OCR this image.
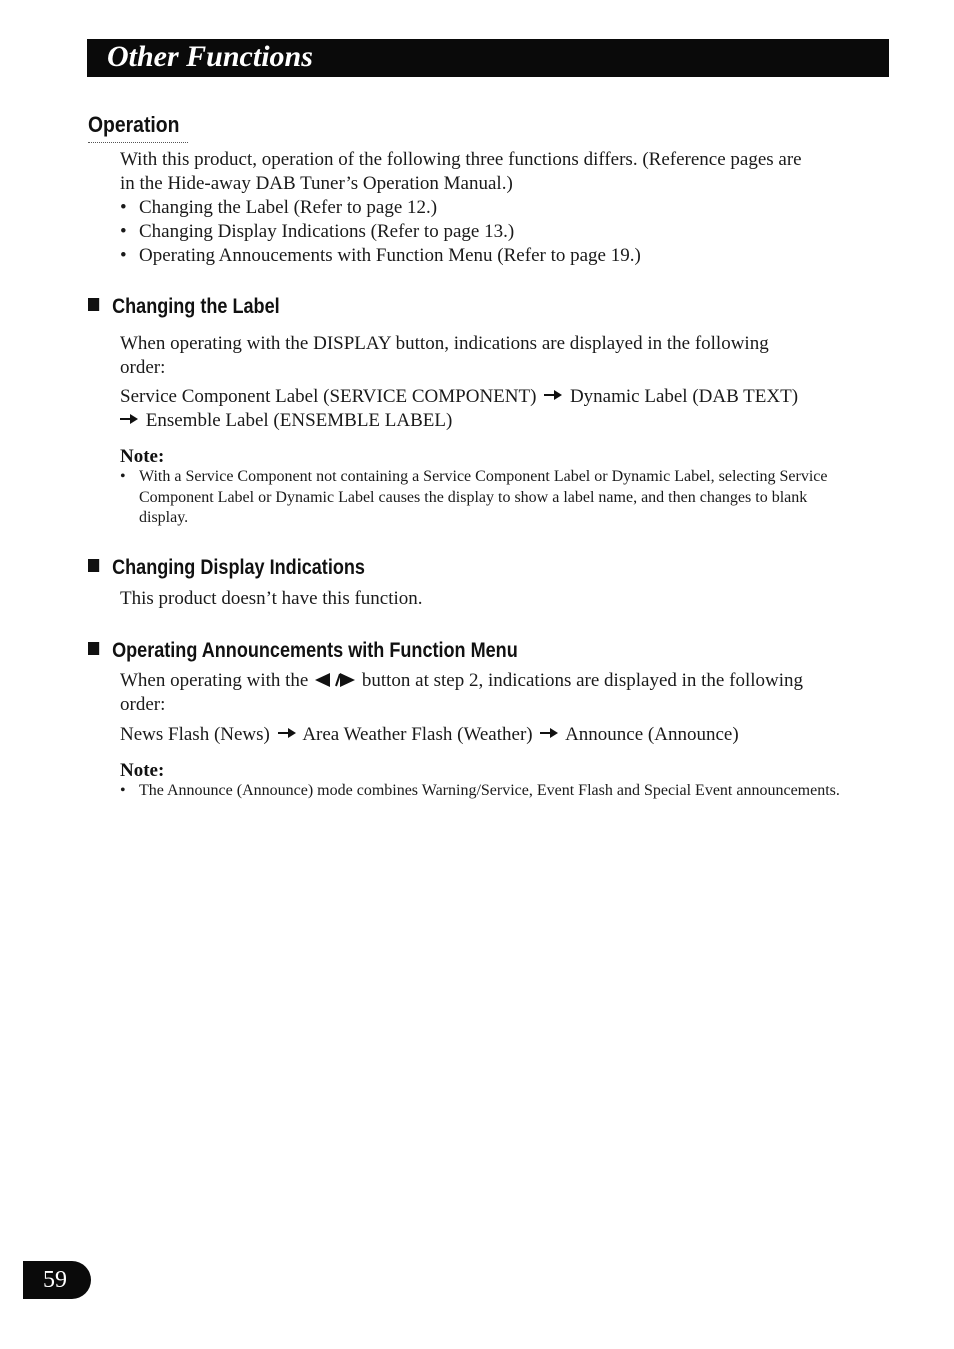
Other Functions
Operation

With this product, operation of the following three functions differs. (Reference pages are

in the Hide-away DAB Tuner’s Operation Manual.)

• Changing the Label (Refer to page 12.)

• Changing Display Indications (Refer to page 13.)

• Operating Annoucements with Function Menu (Refer to page 19.)

Changing the Label

When operating with the DISPLAY button, indications are displayed in the following

order:

Service Component Label (SERVICE COMPONENT) Dynamic Label (DAB TEXT)

Ensemble Label (ENSEMBLE LABEL)

Note:

• With a Service Component not containing a Service Component Label or Dynamic Label, selecting Service Component Label or Dynamic Label causes the display to show a label name, and then changes to blank display.

Changing Display Indications

This product doesn’t have this function.

Operating Announcements with Function Menu

When operating with the	button at step 2, indications are displayed in the following

order:

News Flash (News) Area Weather Flash (Weather) Announce (Announce)

Note:

• The Announce (Announce) mode combines Warning/Service, Event Flash and Special Event announcements.

59
